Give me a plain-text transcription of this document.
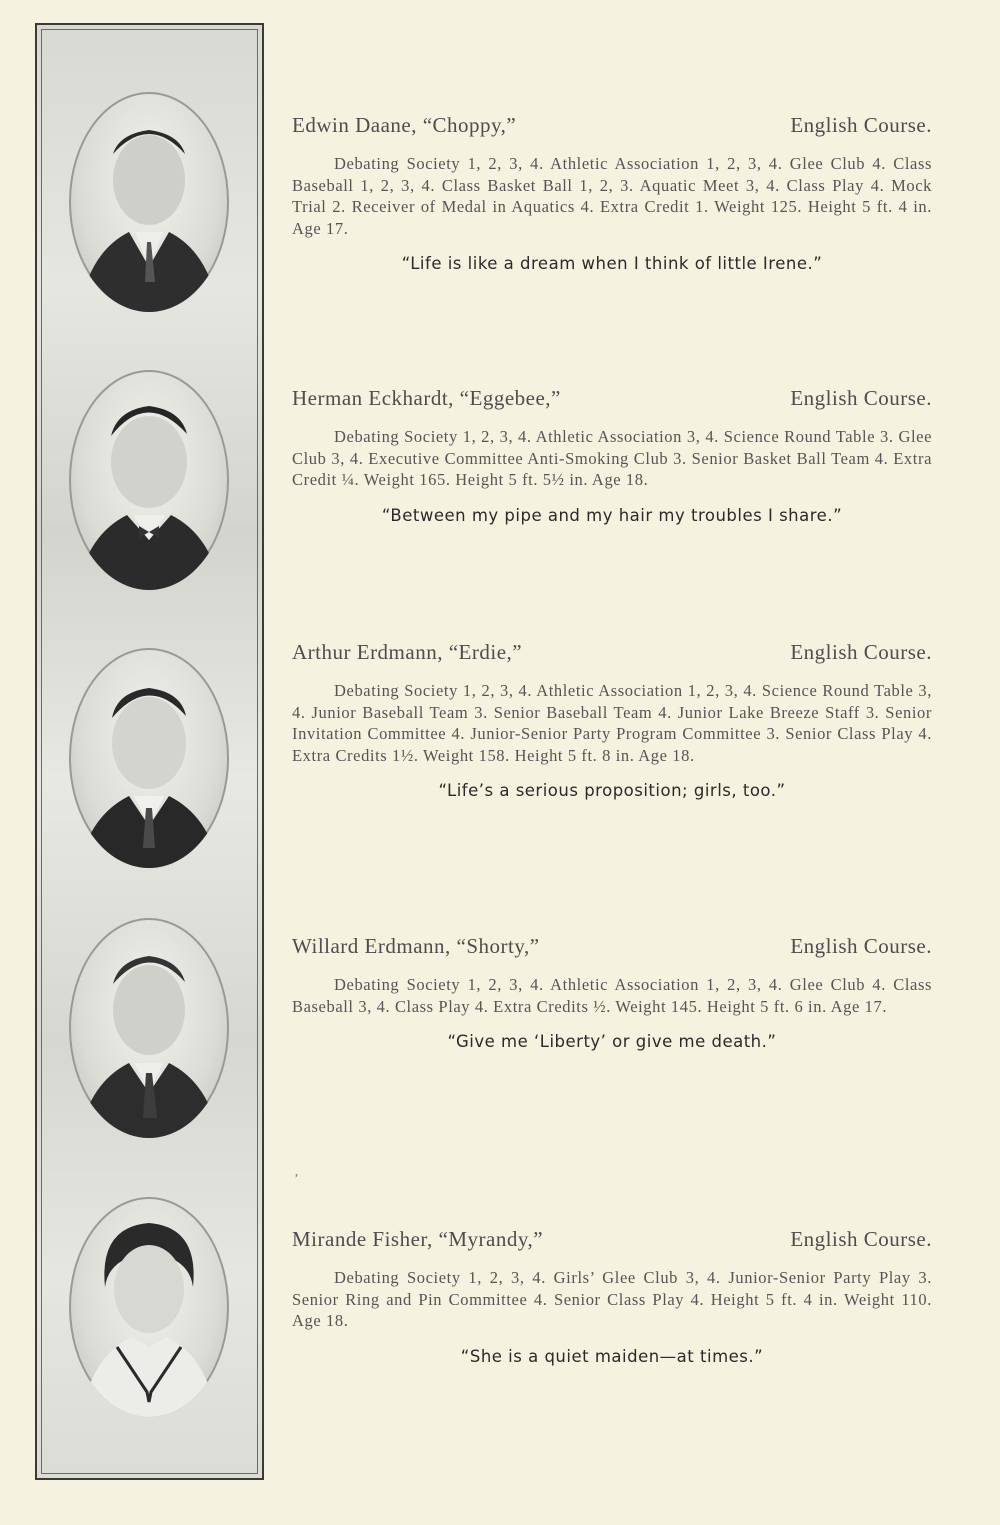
Edwin Daane, “Choppy,”	English Course.
Debating Society 1, 2, 3, 4. Athletic Association 1, 2, 3, 4. Glee Club 4. Class Baseball 1, 2, 3, 4. Class Basket Ball 1, 2, 3. Aquatic Meet 3, 4. Class Play 4. Mock Trial 2. Receiver of Medal in Aquatics 4. Extra Credit 1. Weight 125. Height 5 ft. 4 in. Age 17.
“Life is like a dream when I think of little Irene.”
Herman Eckhardt, “Eggebee,”	English Course.
Debating Society 1, 2, 3, 4. Athletic Association 3, 4. Science Round Table 3. Glee Club 3, 4. Executive Committee Anti-Smoking Club 3. Senior Basket Ball Team 4. Extra Credit ¼. Weight 165. Height 5 ft. 5½ in. Age 18.
“Between my pipe and my hair my troubles I share.”
Arthur Erdmann, “Erdie,”	English Course.
Debating Society 1, 2, 3, 4. Athletic Association 1, 2, 3, 4. Science Round Table 3, 4. Junior Baseball Team 3. Senior Baseball Team 4. Junior Lake Breeze Staff 3. Senior Invitation Committee 4. Junior-Senior Party Program Committee 3. Senior Class Play 4. Extra Credits 1½. Weight 158. Height 5 ft. 8 in. Age 18.
“Life’s a serious proposition; girls, too.”
Willard Erdmann, “Shorty,”	English Course.
Debating Society 1, 2, 3, 4. Athletic Association 1, 2, 3, 4. Glee Club 4. Class Baseball 3, 4. Class Play 4. Extra Credits ½. Weight 145. Height 5 ft. 6 in. Age 17.
“Give me ‘Liberty’ or give me death.”
’
Mirande Fisher, “Myrandy,”	English Course.
Debating Society 1, 2, 3, 4. Girls’ Glee Club 3, 4. Junior-Senior Party Play 3. Senior Ring and Pin Committee 4. Senior Class Play 4. Height 5 ft. 4 in. Weight 110. Age 18.
“She is a quiet maiden—at times.”
